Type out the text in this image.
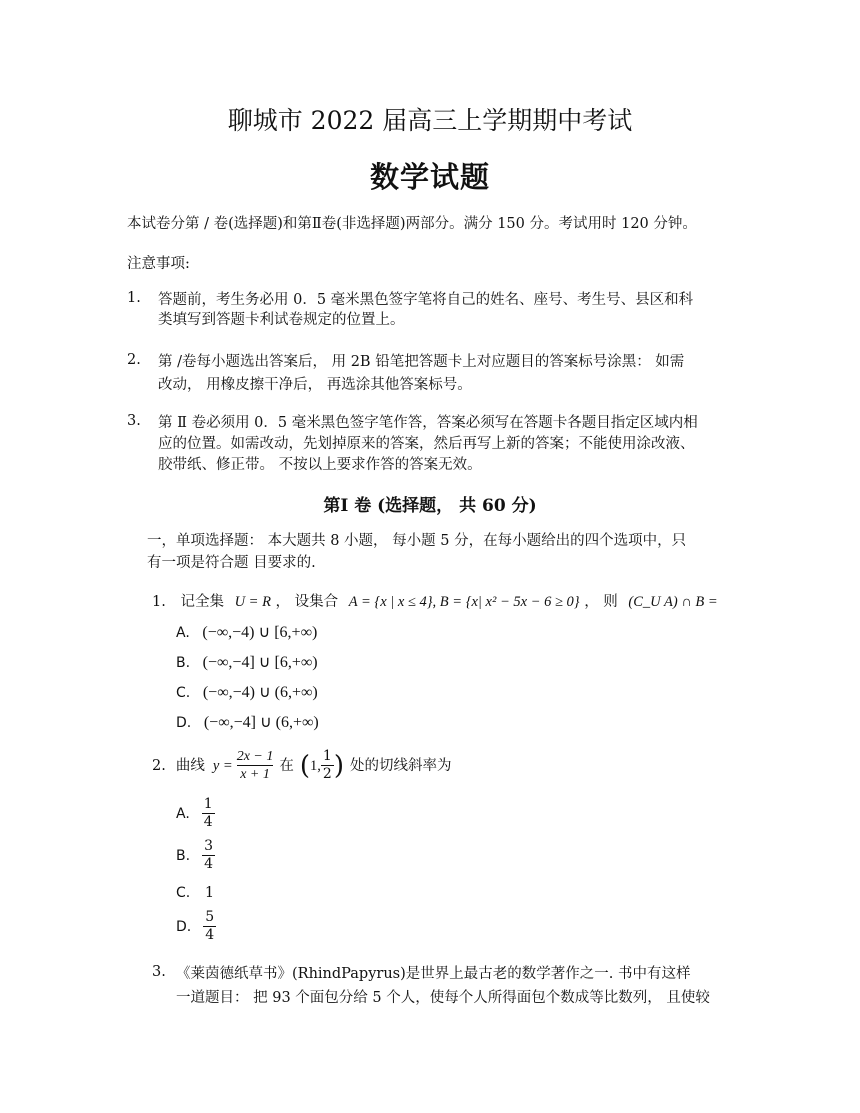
聊城市 2022 届高三上学期期中考试
数学试题
本试卷分第 / 卷(选择题)和第Ⅱ卷(非选择题)两部分。满分 150 分。考试用时 120 分钟。
注意事项:
1. 答题前，考生务必用 0．5 毫米黑色签字笔将自己的姓名、座号、考生号、县区和科
类填写到答题卡利试卷规定的位置上。
2. 第 /卷每小题选出答案后， 用 2B 铅笔把答题卡上对应题目的答案标号涂黑： 如需
改动， 用橡皮擦干净后， 再选涂其他答案标号。
3. 第 Ⅱ 卷必须用 0．5 毫米黑色签字笔作答，答案必须写在答题卡各题目指定区域内相
应的位置。如需改动，先划掉原来的答案，然后再写上新的答案；不能使用涂改液、
胶带纸、修正带。 不按以上要求作答的答案无效。
第I 卷 (选择题， 共 60 分)
一，单项选择题： 本大题共 8 小题， 每小题 5 分，在每小题给出的四个选项中，只
有一项是符合题 目要求的.
1. 记全集 U = R ， 设集合 A = {x | x ≤ 4}, B = {x| x² − 5x − 6 ≥ 0} ， 则 (C_U A) ∩ B =
A. (−∞,−4) ∪ [6,+∞)
B. (−∞,−4] ∪ [6,+∞)
C. (−∞,−4) ∪ (6,+∞)
D. (−∞,−4] ∪ (6,+∞)
2. 曲线 $y = \frac{2x - 1}{x + 1}$ 在 ( 1, $\frac{1}{2}$ ) 处的切线斜率为
A. $\frac{1}{4}$
B. $\frac{3}{4}$
C. 1
D. $\frac{5}{4}$
3. 《莱茵德纸草书》(RhindPapyrus)是世界上最古老的数学著作之一. 书中有这样
一道题目： 把 93 个面包分给 5 个人，使每个人所得面包个数成等比数列， 且使较
